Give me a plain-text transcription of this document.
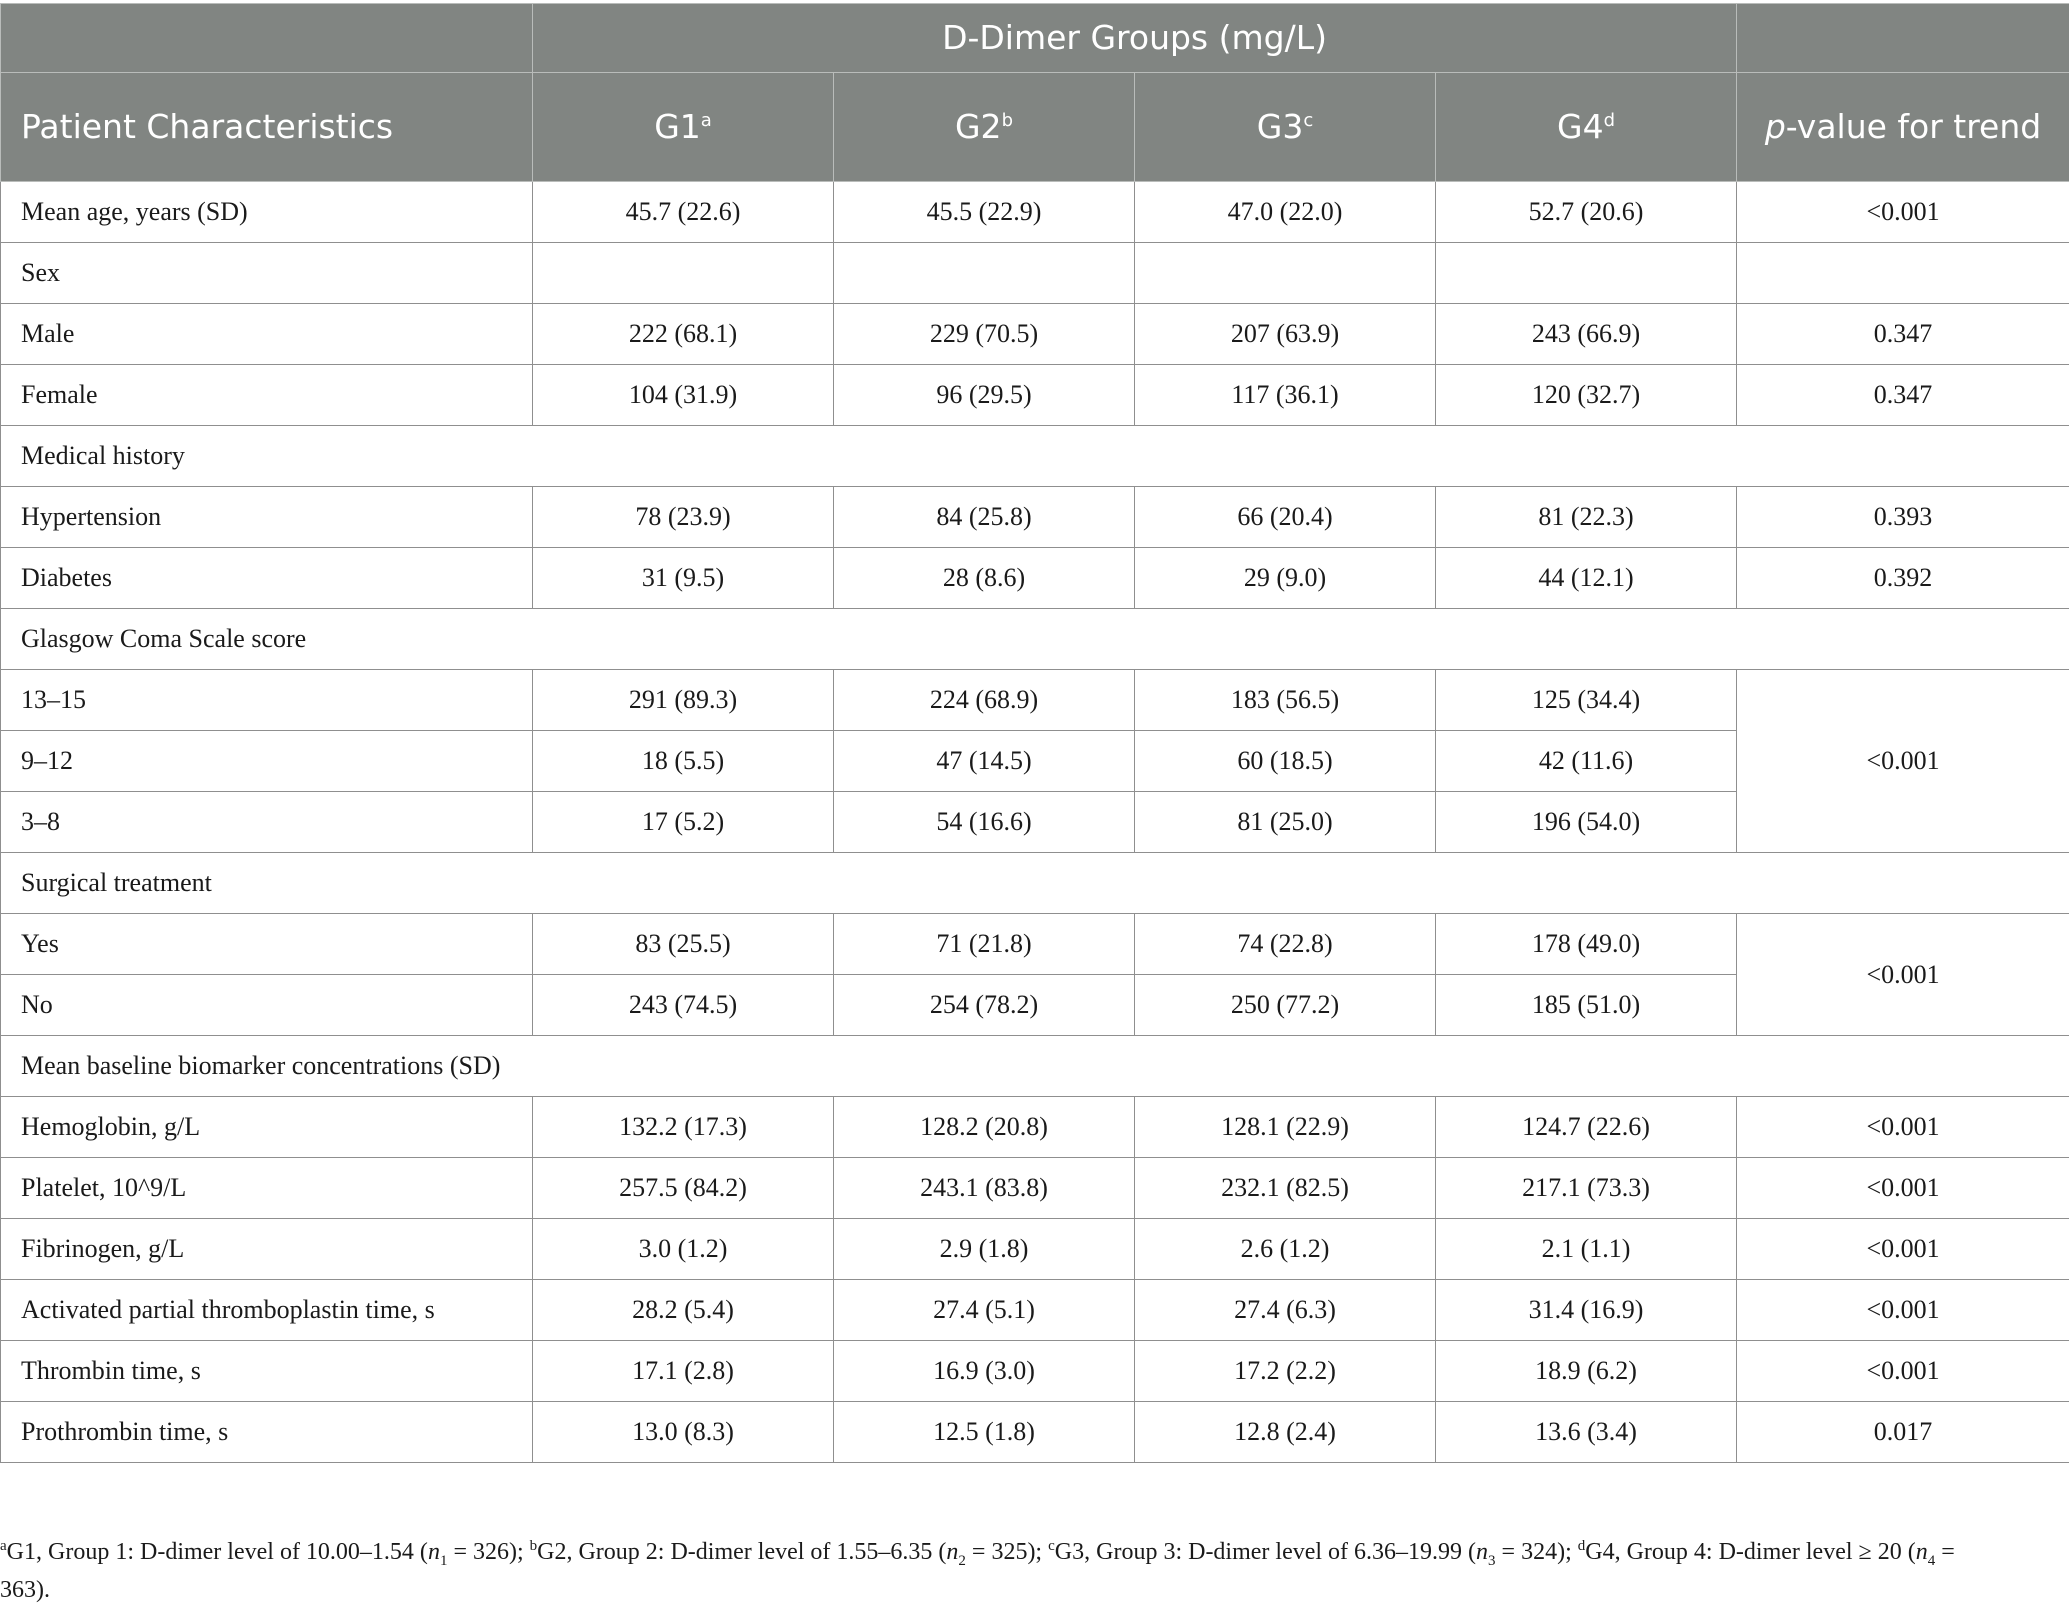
	D-Dimer Groups (mg/L)				
Patient Characteristics	G1$^a$	G2$^b$	G3$^c$	G4$^d$	p-value for trend
Mean age, years (SD)	45.7 (22.6)	45.5 (22.9)	47.0 (22.0)	52.7 (20.6)	<0.001
Sex					
Male	222 (68.1)	229 (70.5)	207 (63.9)	243 (66.9)	0.347
Female	104 (31.9)	96 (29.5)	117 (36.1)	120 (32.7)	0.347
Medical history					
Hypertension	78 (23.9)	84 (25.8)	66 (20.4)	81 (22.3)	0.393
Diabetes	31 (9.5)	28 (8.6)	29 (9.0)	44 (12.1)	0.392
Glasgow Coma Scale score					
13–15	291 (89.3)	224 (68.9)	183 (56.5)	125 (34.4)	<0.001
9–12	18 (5.5)	47 (14.5)	60 (18.5)	42 (11.6)	
3–8	17 (5.2)	54 (16.6)	81 (25.0)	196 (54.0)	
Surgical treatment					
Yes	83 (25.5)	71 (21.8)	74 (22.8)	178 (49.0)	<0.001
No	243 (74.5)	254 (78.2)	250 (77.2)	185 (51.0)	
Mean baseline biomarker concentrations (SD)					
Hemoglobin, g/L	132.2 (17.3)	128.2 (20.8)	128.1 (22.9)	124.7 (22.6)	<0.001
Platelet, 10^9/L	257.5 (84.2)	243.1 (83.8)	232.1 (82.5)	217.1 (73.3)	<0.001
Fibrinogen, g/L	3.0 (1.2)	2.9 (1.8)	2.6 (1.2)	2.1 (1.1)	<0.001
Activated partial thromboplastin time, s	28.2 (5.4)	27.4 (5.1)	27.4 (6.3)	31.4 (16.9)	<0.001
Thrombin time, s	17.1 (2.8)	16.9 (3.0)	17.2 (2.2)	18.9 (6.2)	<0.001
Prothrombin time, s	13.0 (8.3)	12.5 (1.8)	12.8 (2.4)	13.6 (3.4)	0.017
$^a$G1, Group 1: D-dimer level of 10.00–1.54 $(n_1 = 326)$; $^b$G2, Group 2: D-dimer level of 1.55–6.35 $(n_2 = 325)$; $^c$G3, Group 3: D-dimer level of 6.36–19.99 $(n_3 = 324)$; $^d$G4, Group 4: D-dimer level ≥ 20 $(n_4 = 363)$.
